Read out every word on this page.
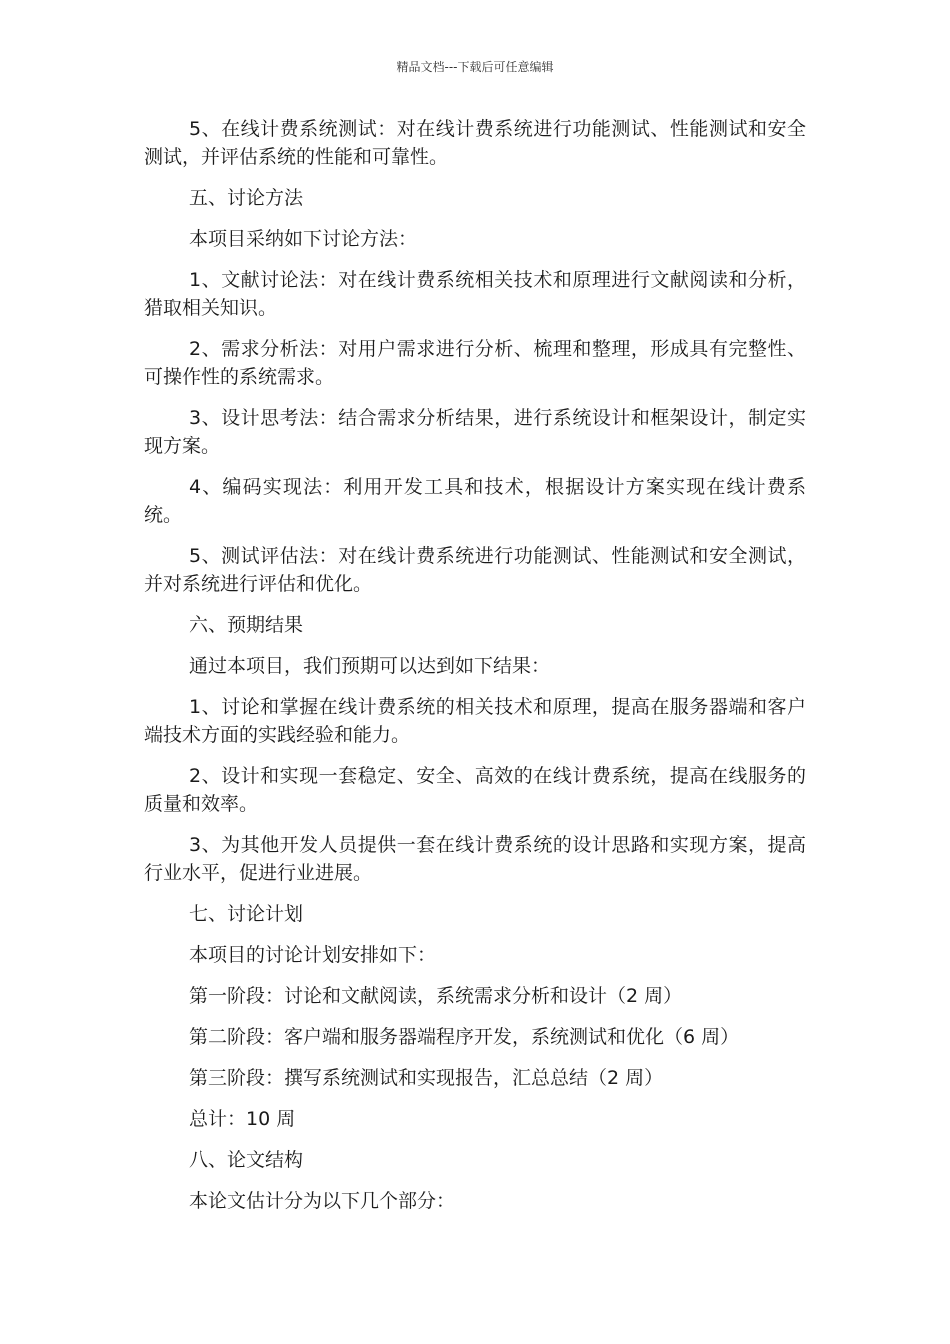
精品文档---下载后可任意编辑

5、在线计费系统测试：对在线计费系统进行功能测试、性能测试和安全测试，并评估系统的性能和可靠性。

五、讨论方法

本项目采纳如下讨论方法：

1、文献讨论法：对在线计费系统相关技术和原理进行文献阅读和分析，猎取相关知识。

2、需求分析法：对用户需求进行分析、梳理和整理，形成具有完整性、可操作性的系统需求。

3、设计思考法：结合需求分析结果，进行系统设计和框架设计，制定实现方案。

4、编码实现法：利用开发工具和技术，根据设计方案实现在线计费系统。

5、测试评估法：对在线计费系统进行功能测试、性能测试和安全测试，并对系统进行评估和优化。

六、预期结果

通过本项目，我们预期可以达到如下结果：

1、讨论和掌握在线计费系统的相关技术和原理，提高在服务器端和客户端技术方面的实践经验和能力。

2、设计和实现一套稳定、安全、高效的在线计费系统，提高在线服务的质量和效率。

3、为其他开发人员提供一套在线计费系统的设计思路和实现方案，提高行业水平，促进行业进展。

七、讨论计划

本项目的讨论计划安排如下：

第一阶段：讨论和文献阅读，系统需求分析和设计（2 周）

第二阶段：客户端和服务器端程序开发，系统测试和优化（6 周）

第三阶段：撰写系统测试和实现报告，汇总总结（2 周）

总计：10 周

八、论文结构

本论文估计分为以下几个部分：
